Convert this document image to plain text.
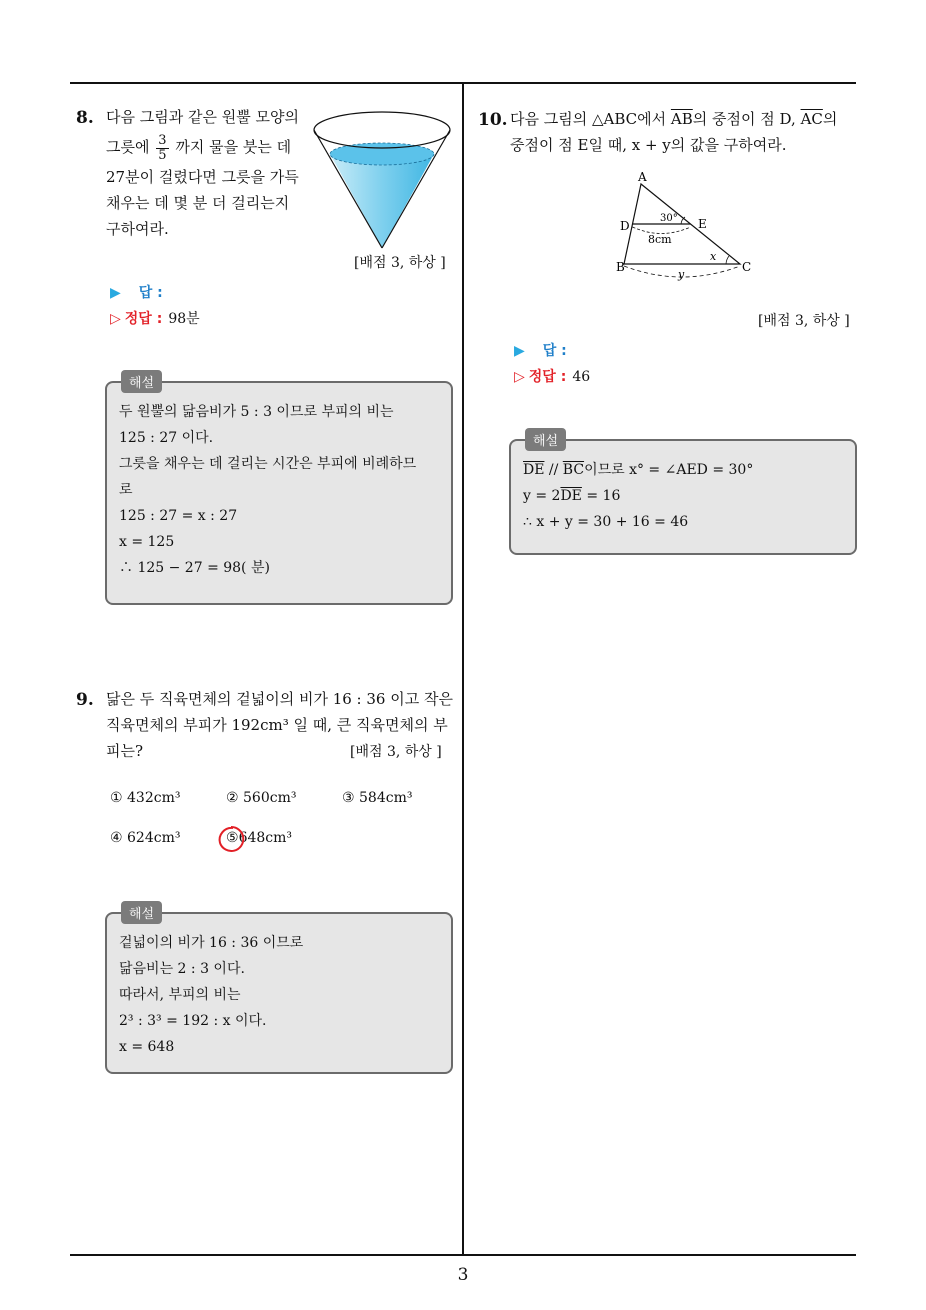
8. 다음 그림과 같은 원뿔 모양의
그릇에 $\frac{3}{5}$ 까지 물을 붓는 데
27분이 걸렸다면 그릇을 가득
채우는 데 몇 분 더 걸리는지
구하여라.
[배점 3, 하상 ]
▶ 답 :
▷ 정답 : 98분
해설
두 원뿔의 닮음비가 5 : 3 이므로 부피의 비는
125 : 27 이다.
그릇을 채우는 데 걸리는 시간은 부피에 비례하므
로
125 : 27 = x : 27
x = 125
∴ 125 − 27 = 98( 분)
9. 닮은 두 직육면체의 겉넓이의 비가 16 : 36 이고 작은
직육면체의 부피가 192cm³ 일 때, 큰 직육면체의 부
피는?	[배점 3, 하상 ]
① 432cm³	② 560cm³	③ 584cm³
④ 624cm³	⑤648cm³
해설
겉넓이의 비가 16 : 36 이므로
닮음비는 2 : 3 이다.
따라서, 부피의 비는
2³ : 3³ = 192 : x 이다.
x = 648
10. 다음 그림의 △ABC에서 $\overline{AB}$의 중점이 점 D, $\overline{AC}$의
중점이 점 E일 때, x + y의 값을 구하여라.
A
B	C
D	E
30°
8cm
x
y
[배점 3, 하상 ]
▶ 답 :
▷ 정답 : 46
해설
$\overline{DE} // \overline{BC}$이므로 x° = ∠AED = 30°
$y = 2\overline{DE} = 16$
∴ x + y = 30 + 16 = 46
3
